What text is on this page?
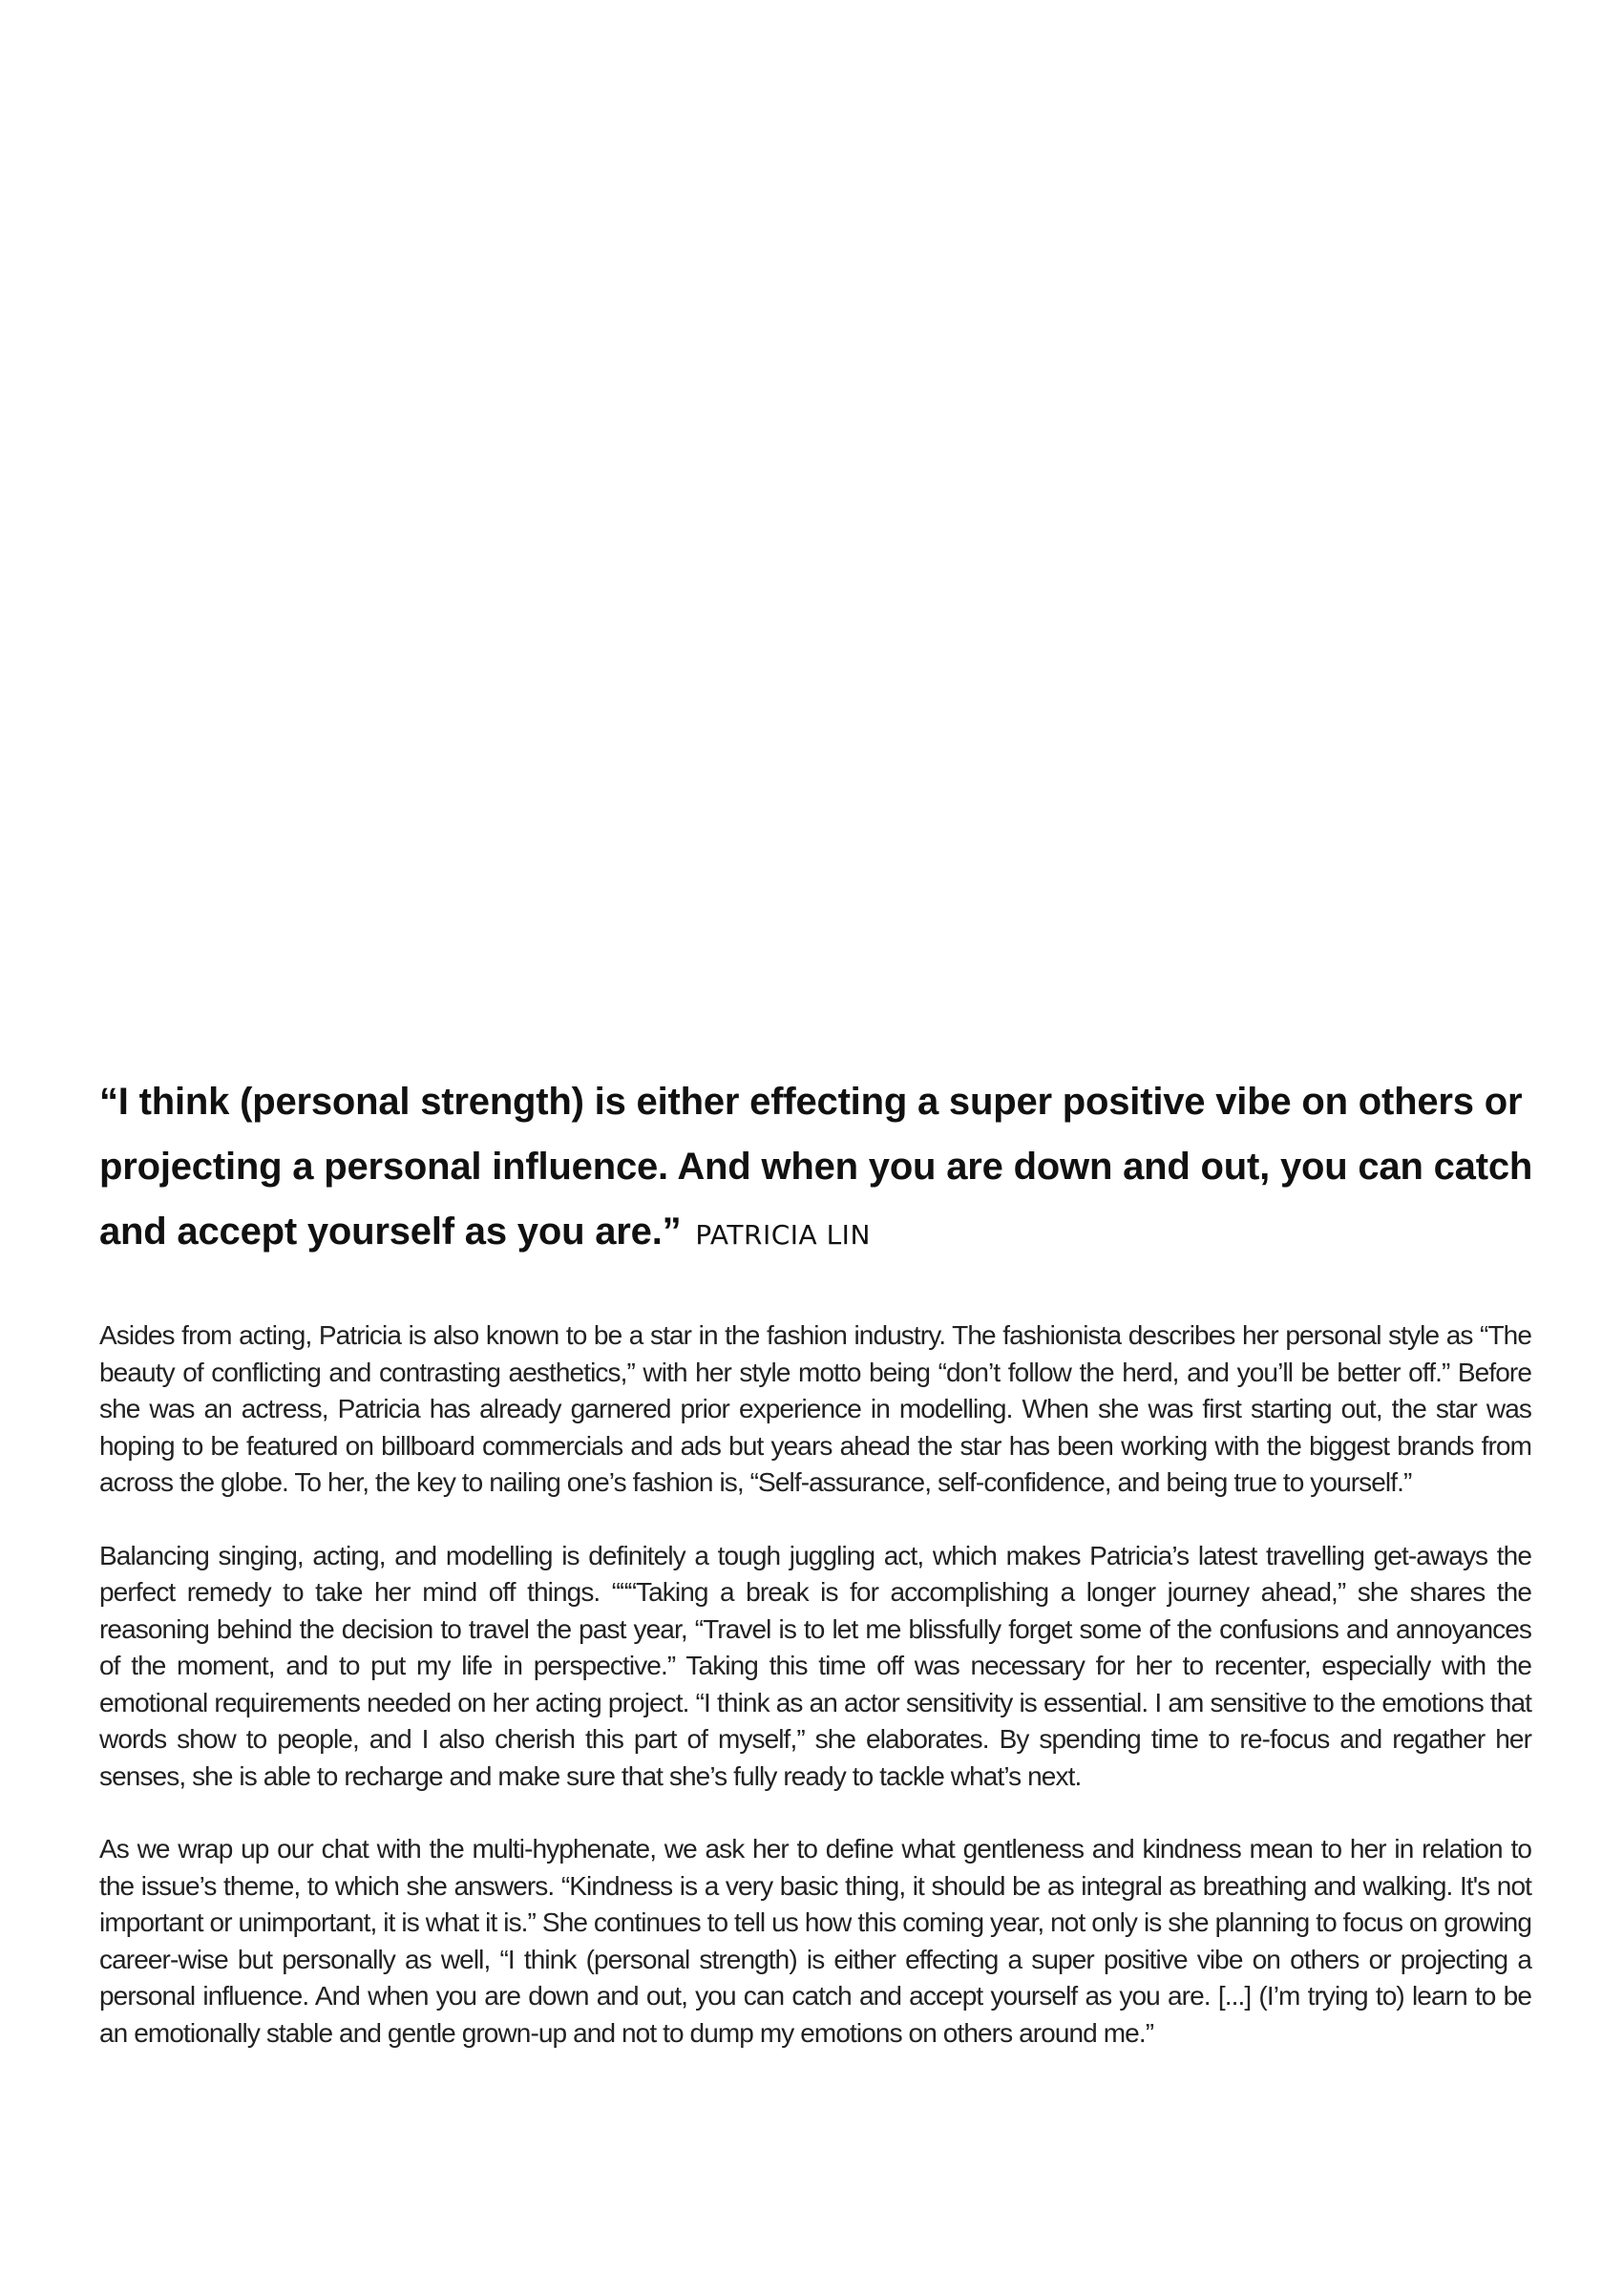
“I think (personal strength) is either effecting a super positive vibe on others or projecting a personal influence. And when you are down and out, you can catch and accept yourself as you are.” PATRICIA LIN

Asides from acting, Patricia is also known to be a star in the fashion industry. The fashionista describes her personal style as “The beauty of conflicting and contrasting aesthetics,” with her style motto being “don’t follow the herd, and you’ll be better off.” Before she was an actress, Patricia has already garnered prior experience in modelling. When she was first starting out, the star was hoping to be featured on billboard commercials and ads but years ahead the star has been working with the biggest brands from across the globe. To her, the key to nailing one’s fashion is, “Self-assurance, self-confidence, and being true to yourself.”

Balancing singing, acting, and modelling is definitely a tough juggling act, which makes Patricia’s latest travelling get-aways the perfect remedy to take her mind off things. “““Taking a break is for accomplishing a longer journey ahead,” she shares the reasoning behind the decision to travel the past year, “Travel is to let me blissfully forget some of the confusions and annoyances of the moment, and to put my life in perspective.” Taking this time off was necessary for her to recenter, especially with the emotional requirements needed on her acting project. “I think as an actor sensitivity is essential. I am sensitive to the emotions that words show to people, and I also cherish this part of myself,” she elaborates. By spending time to re-focus and regather her senses, she is able to recharge and make sure that she’s fully ready to tackle what’s next.

As we wrap up our chat with the multi-hyphenate, we ask her to define what gentleness and kindness mean to her in relation to the issue’s theme, to which she answers. “Kindness is a very basic thing, it should be as integral as breathing and walking. It's not important or unimportant, it is what it is.” She continues to tell us how this coming year, not only is she planning to focus on growing career-wise but personally as well, “I think (personal strength) is either effecting a super positive vibe on others or projecting a personal influence. And when you are down and out, you can catch and accept yourself as you are. [...] (I’m trying to) learn to be an emotionally stable and gentle grown-up and not to dump my emotions on others around me.”
